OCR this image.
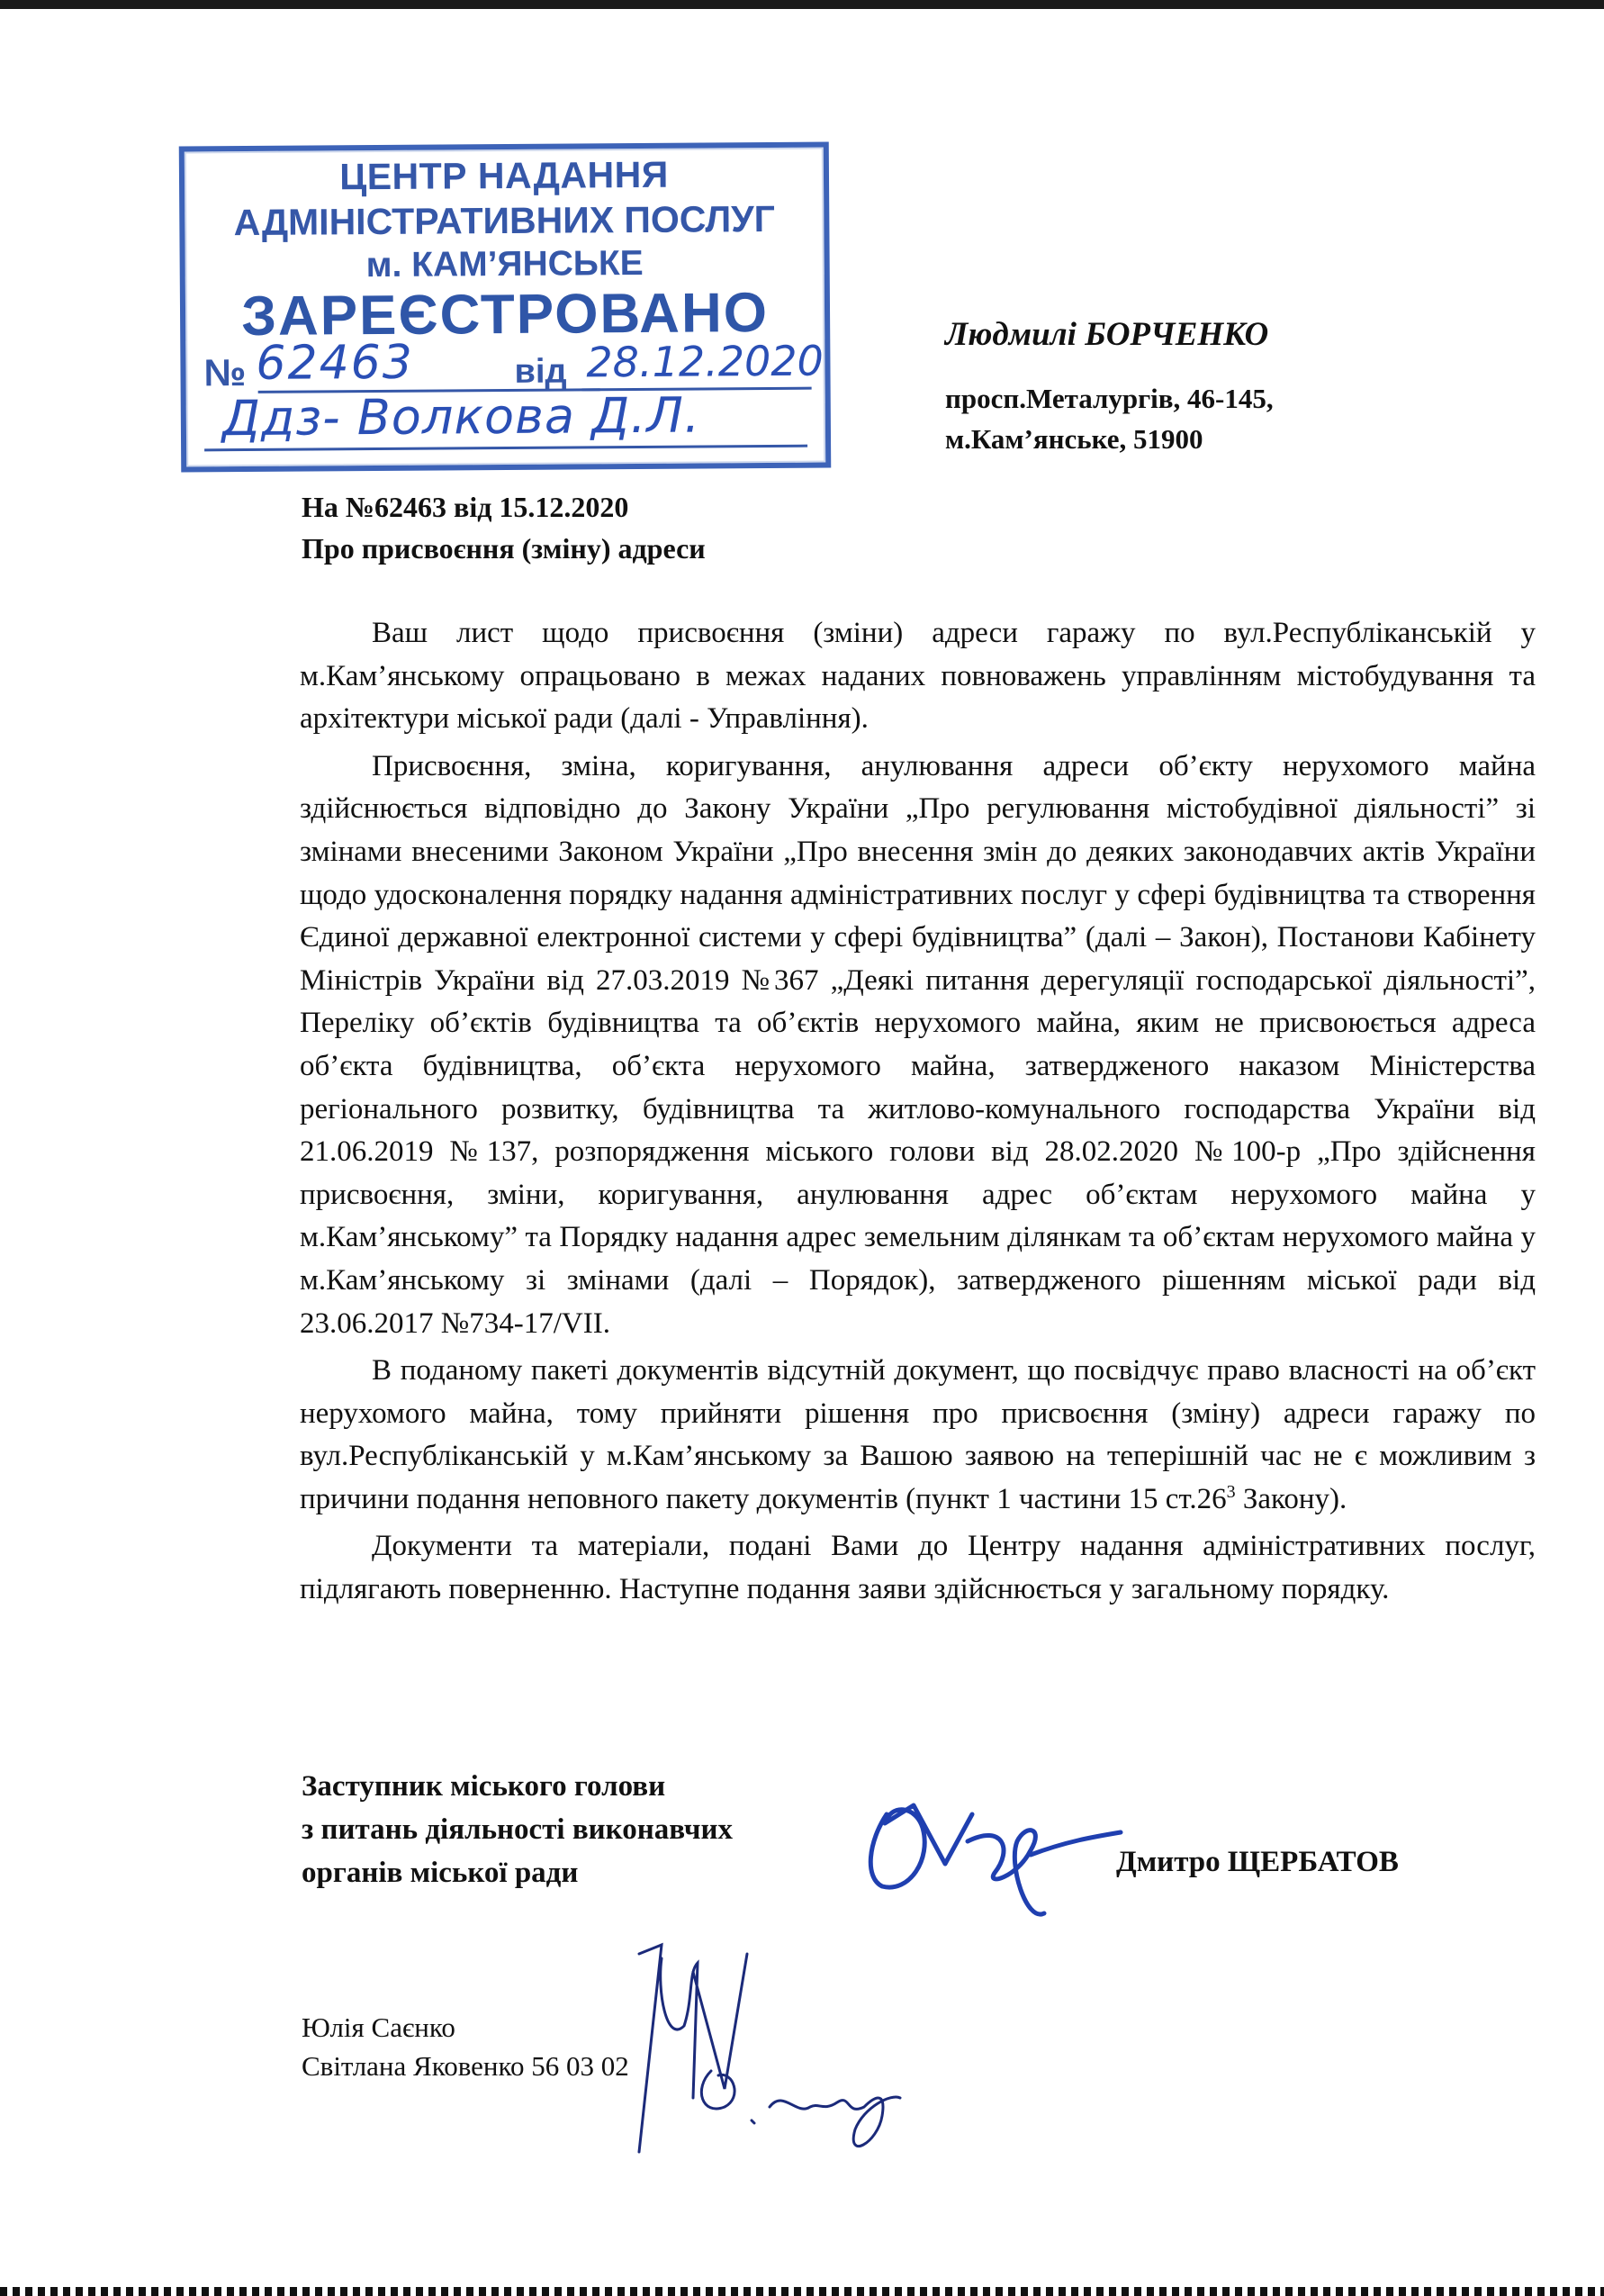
ЦЕНТР НАДАННЯ
АДМІНІСТРАТИВНИХ ПОСЛУГ
м. КАМ’ЯНСЬКЕ
ЗАРЕЄСТРОВАНО
№ 62463	від 28.12.2020
Ддз- Волкова Д.Л.
Людмилі БОРЧЕНКО
просп.Металургів, 46-145,
м.Кам’янське, 51900
На №62463 від 15.12.2020
Про присвоєння (зміну) адреси

Ваш лист щодо присвоєння (зміни) адреси гаражу по вул.Республіканській у м.Кам’янському опрацьовано в межах наданих повноважень управлінням містобудування та архітектури міської ради (далі - Управління).

Присвоєння, зміна, коригування, анулювання адреси об’єкту нерухомого майна здійснюється відповідно до Закону України „Про регулювання містобудівної діяльності” зі змінами внесеними Законом України „Про внесення змін до деяких законодавчих актів України щодо удосконалення порядку надання адміністративних послуг у сфері будівництва та створення Єдиної державної електронної системи у сфері будівництва” (далі – Закон), Постанови Кабінету Міністрів України від 27.03.2019 №367 „Деякі питання дерегуляції господарської діяльності”, Переліку об’єктів будівництва та об’єктів нерухомого майна, яким не присвоюється адреса об’єкта будівництва, об’єкта нерухомого майна, затвердженого наказом Міністерства регіонального розвитку, будівництва та житлово-комунального господарства України від 21.06.2019 №137, розпорядження міського голови від 28.02.2020 №100-р „Про здійснення присвоєння, зміни, коригування, анулювання адрес об’єктам нерухомого майна у м.Кам’янському” та Порядку надання адрес земельним ділянкам та об’єктам нерухомого майна у м.Кам’янському зі змінами (далі – Порядок), затвердженого рішенням міської ради від 23.06.2017 №734-17/VII.

В поданому пакеті документів відсутній документ, що посвідчує право власності на об’єкт нерухомого майна, тому прийняти рішення про присвоєння (зміну) адреси гаражу по вул.Республіканській у м.Кам’янському за Вашою заявою на теперішній час не є можливим з причини подання неповного пакету документів (пункт 1 частини 15 $ст.26^3$ Закону).

Документи та матеріали, подані Вами до Центру надання адміністративних послуг, підлягають поверненню. Наступне подання заяви здійснюється у загальному порядку.

Заступник міського голови
з питань діяльності виконавчих
органів міської ради	Дмитро ЩЕРБАТОВ
Юлія Саєнко
Світлана Яковенко 56 03 02
